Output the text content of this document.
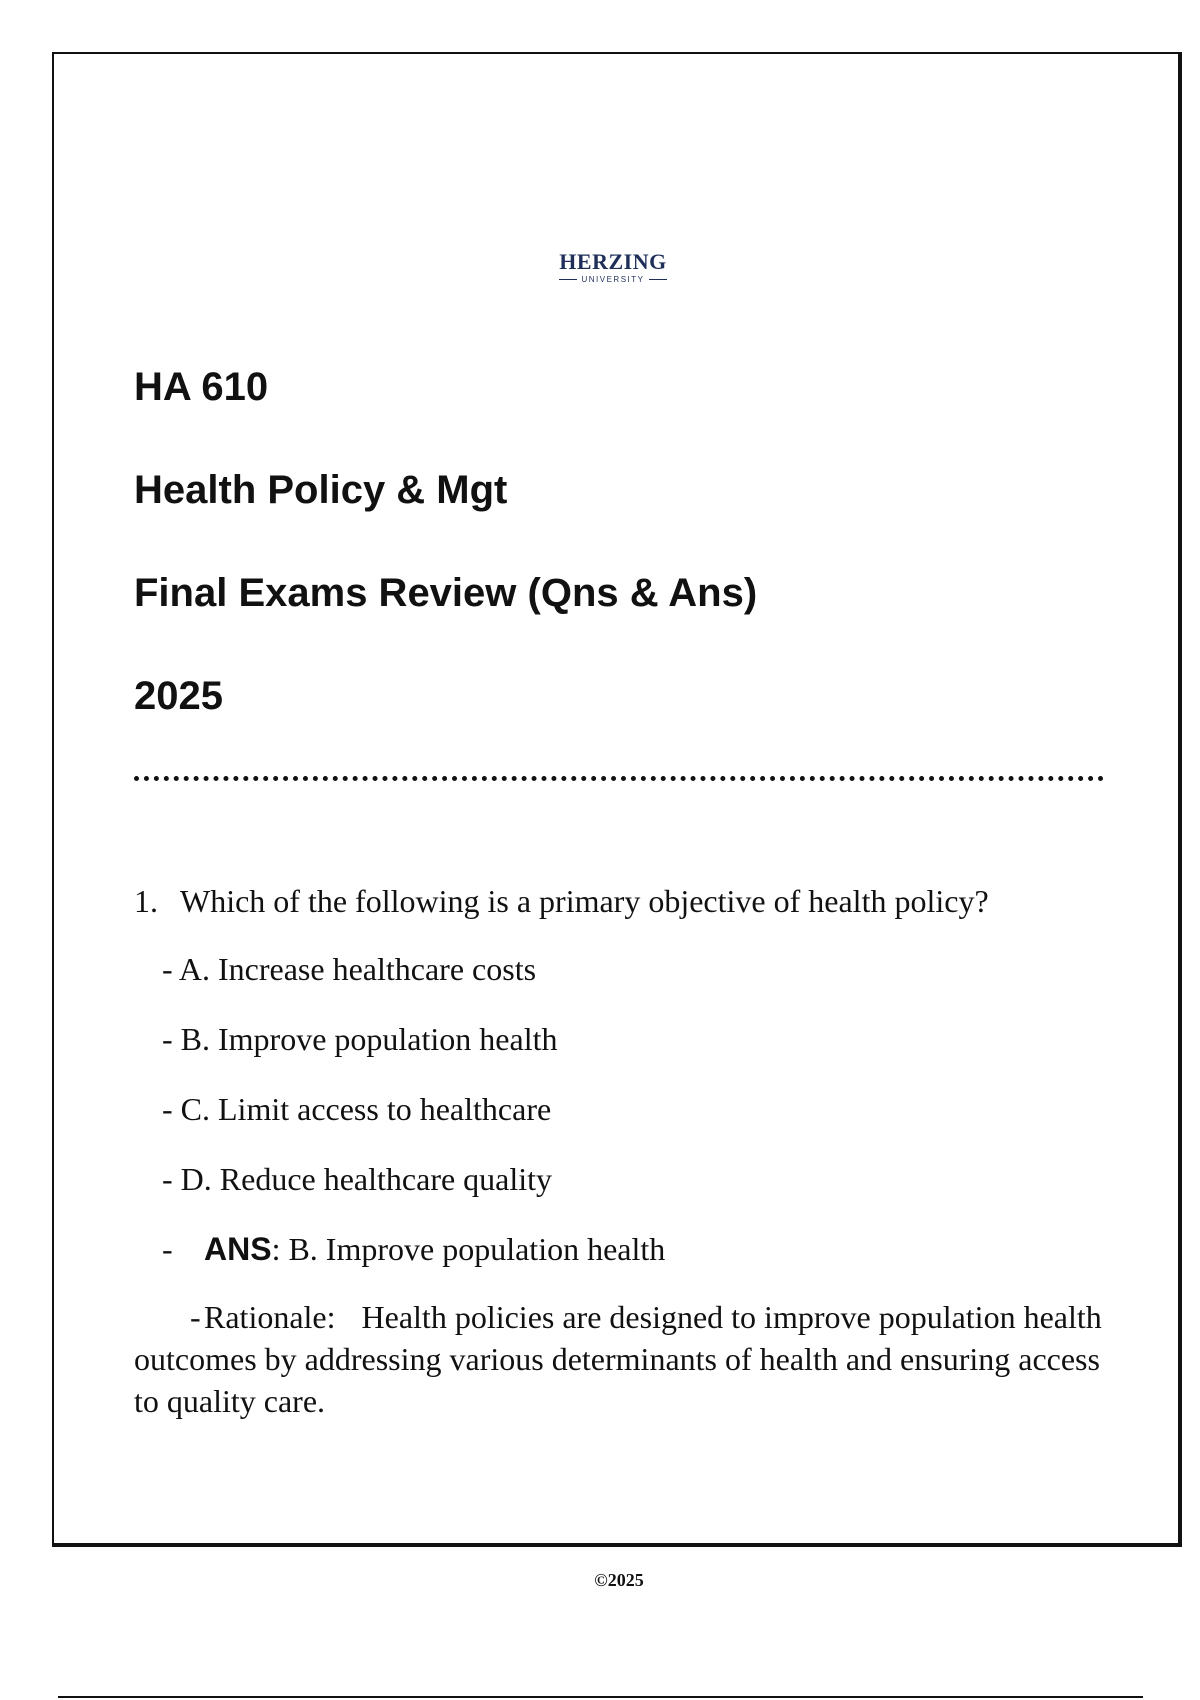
©2025
HERZING
UNIVERSITY
HA 610
Health Policy & Mgt
Final Exams Review (Qns & Ans)
2025

1. Which of the following is a primary objective of health policy?

- A. Increase healthcare costs
- B. Improve population health
- C. Limit access to healthcare
- D. Reduce healthcare quality
- ANS: B. Improve population health
- Rationale: Health policies are designed to improve population health outcomes by addressing various determinants of health and ensuring access to quality care.
